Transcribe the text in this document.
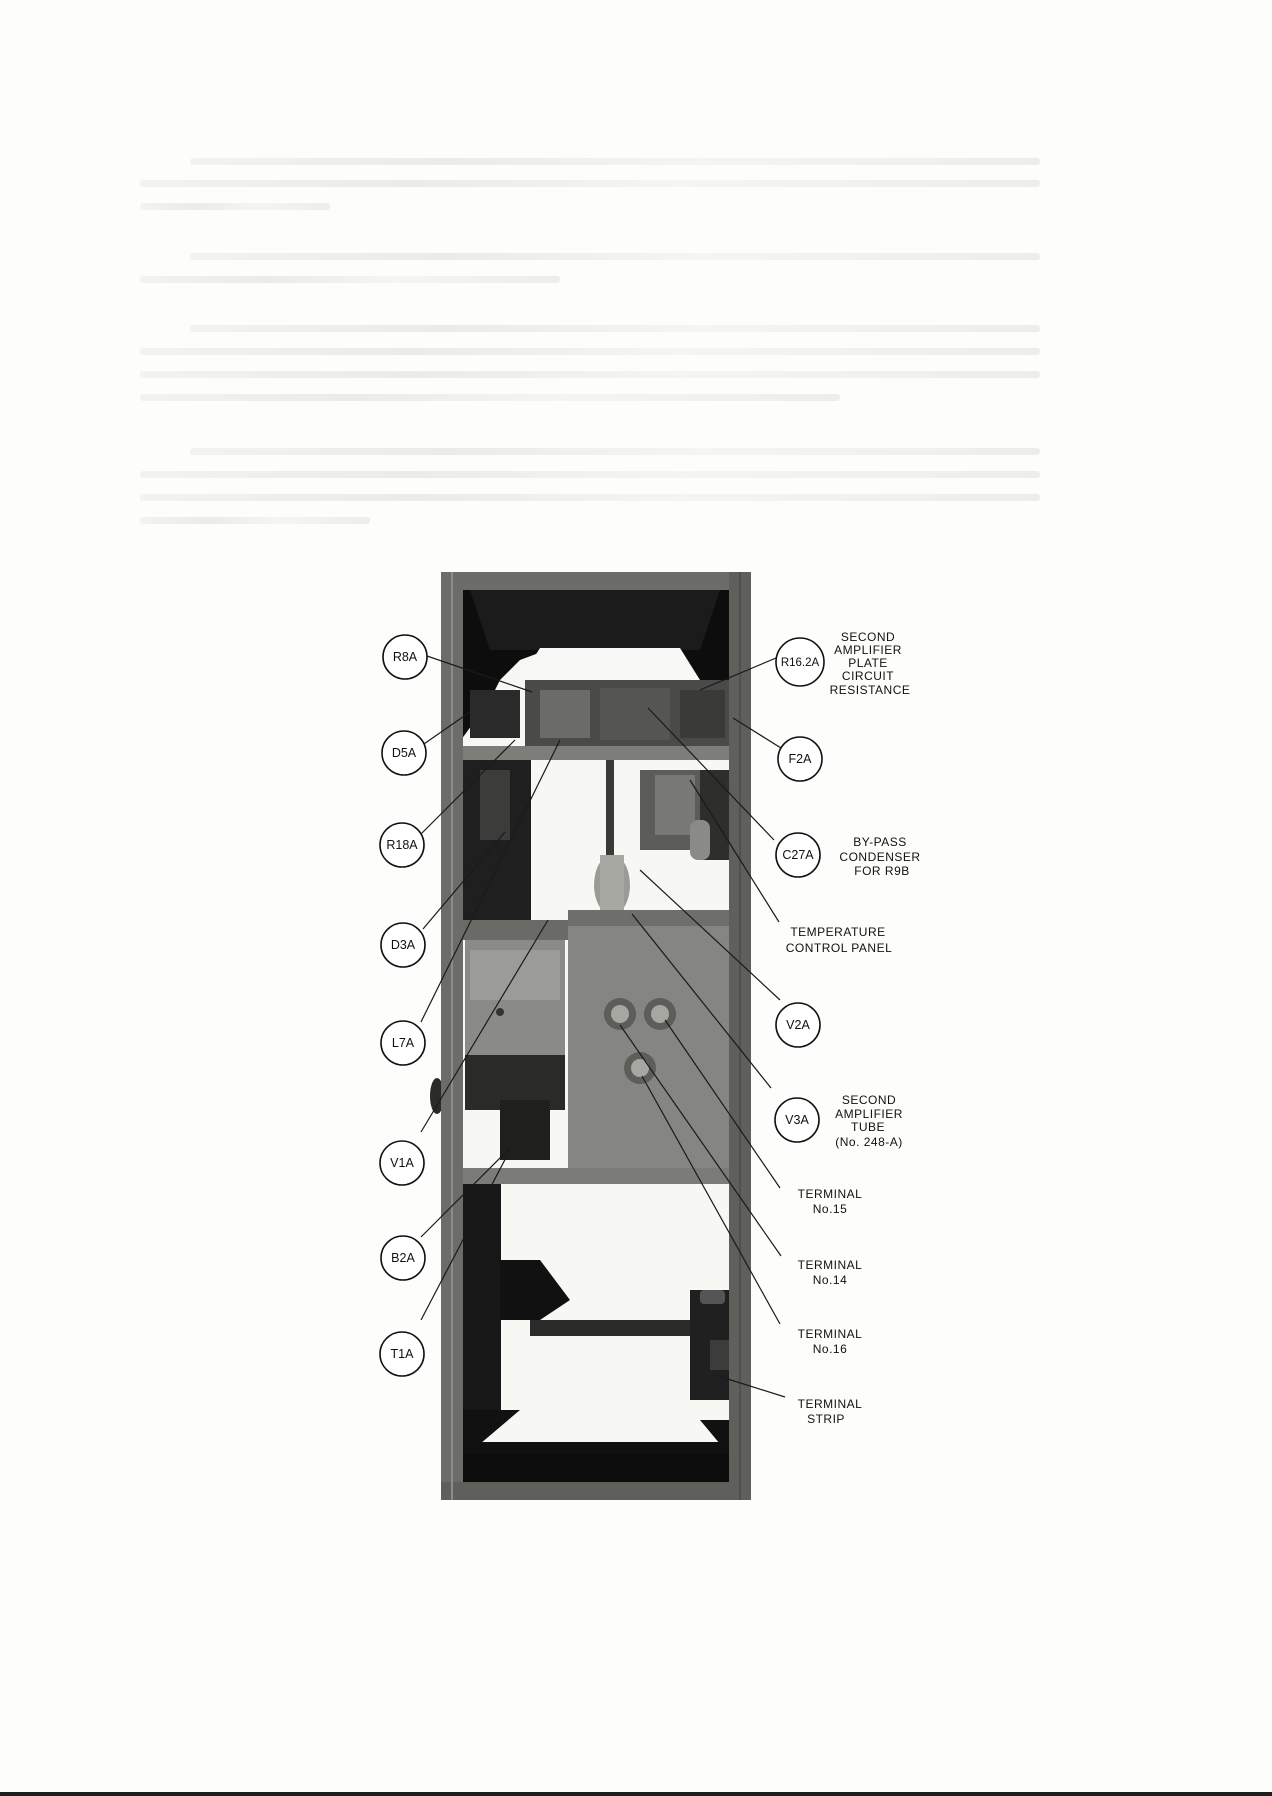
R8A
D5A
R18A
D3A
L7A
V1A
B2A
T1A
R16.2A
F2A
C27A
V2A
V3A
SECOND
AMPLIFIER
PLATE
CIRCUIT
RESISTANCE
BY-PASS
CONDENSER
FOR R9B
TEMPERATURE
CONTROL PANEL
SECOND
AMPLIFIER
TUBE
(No. 248-A)
TERMINAL
No.15
TERMINAL
No.14
TERMINAL
No.16
TERMINAL
STRIP
